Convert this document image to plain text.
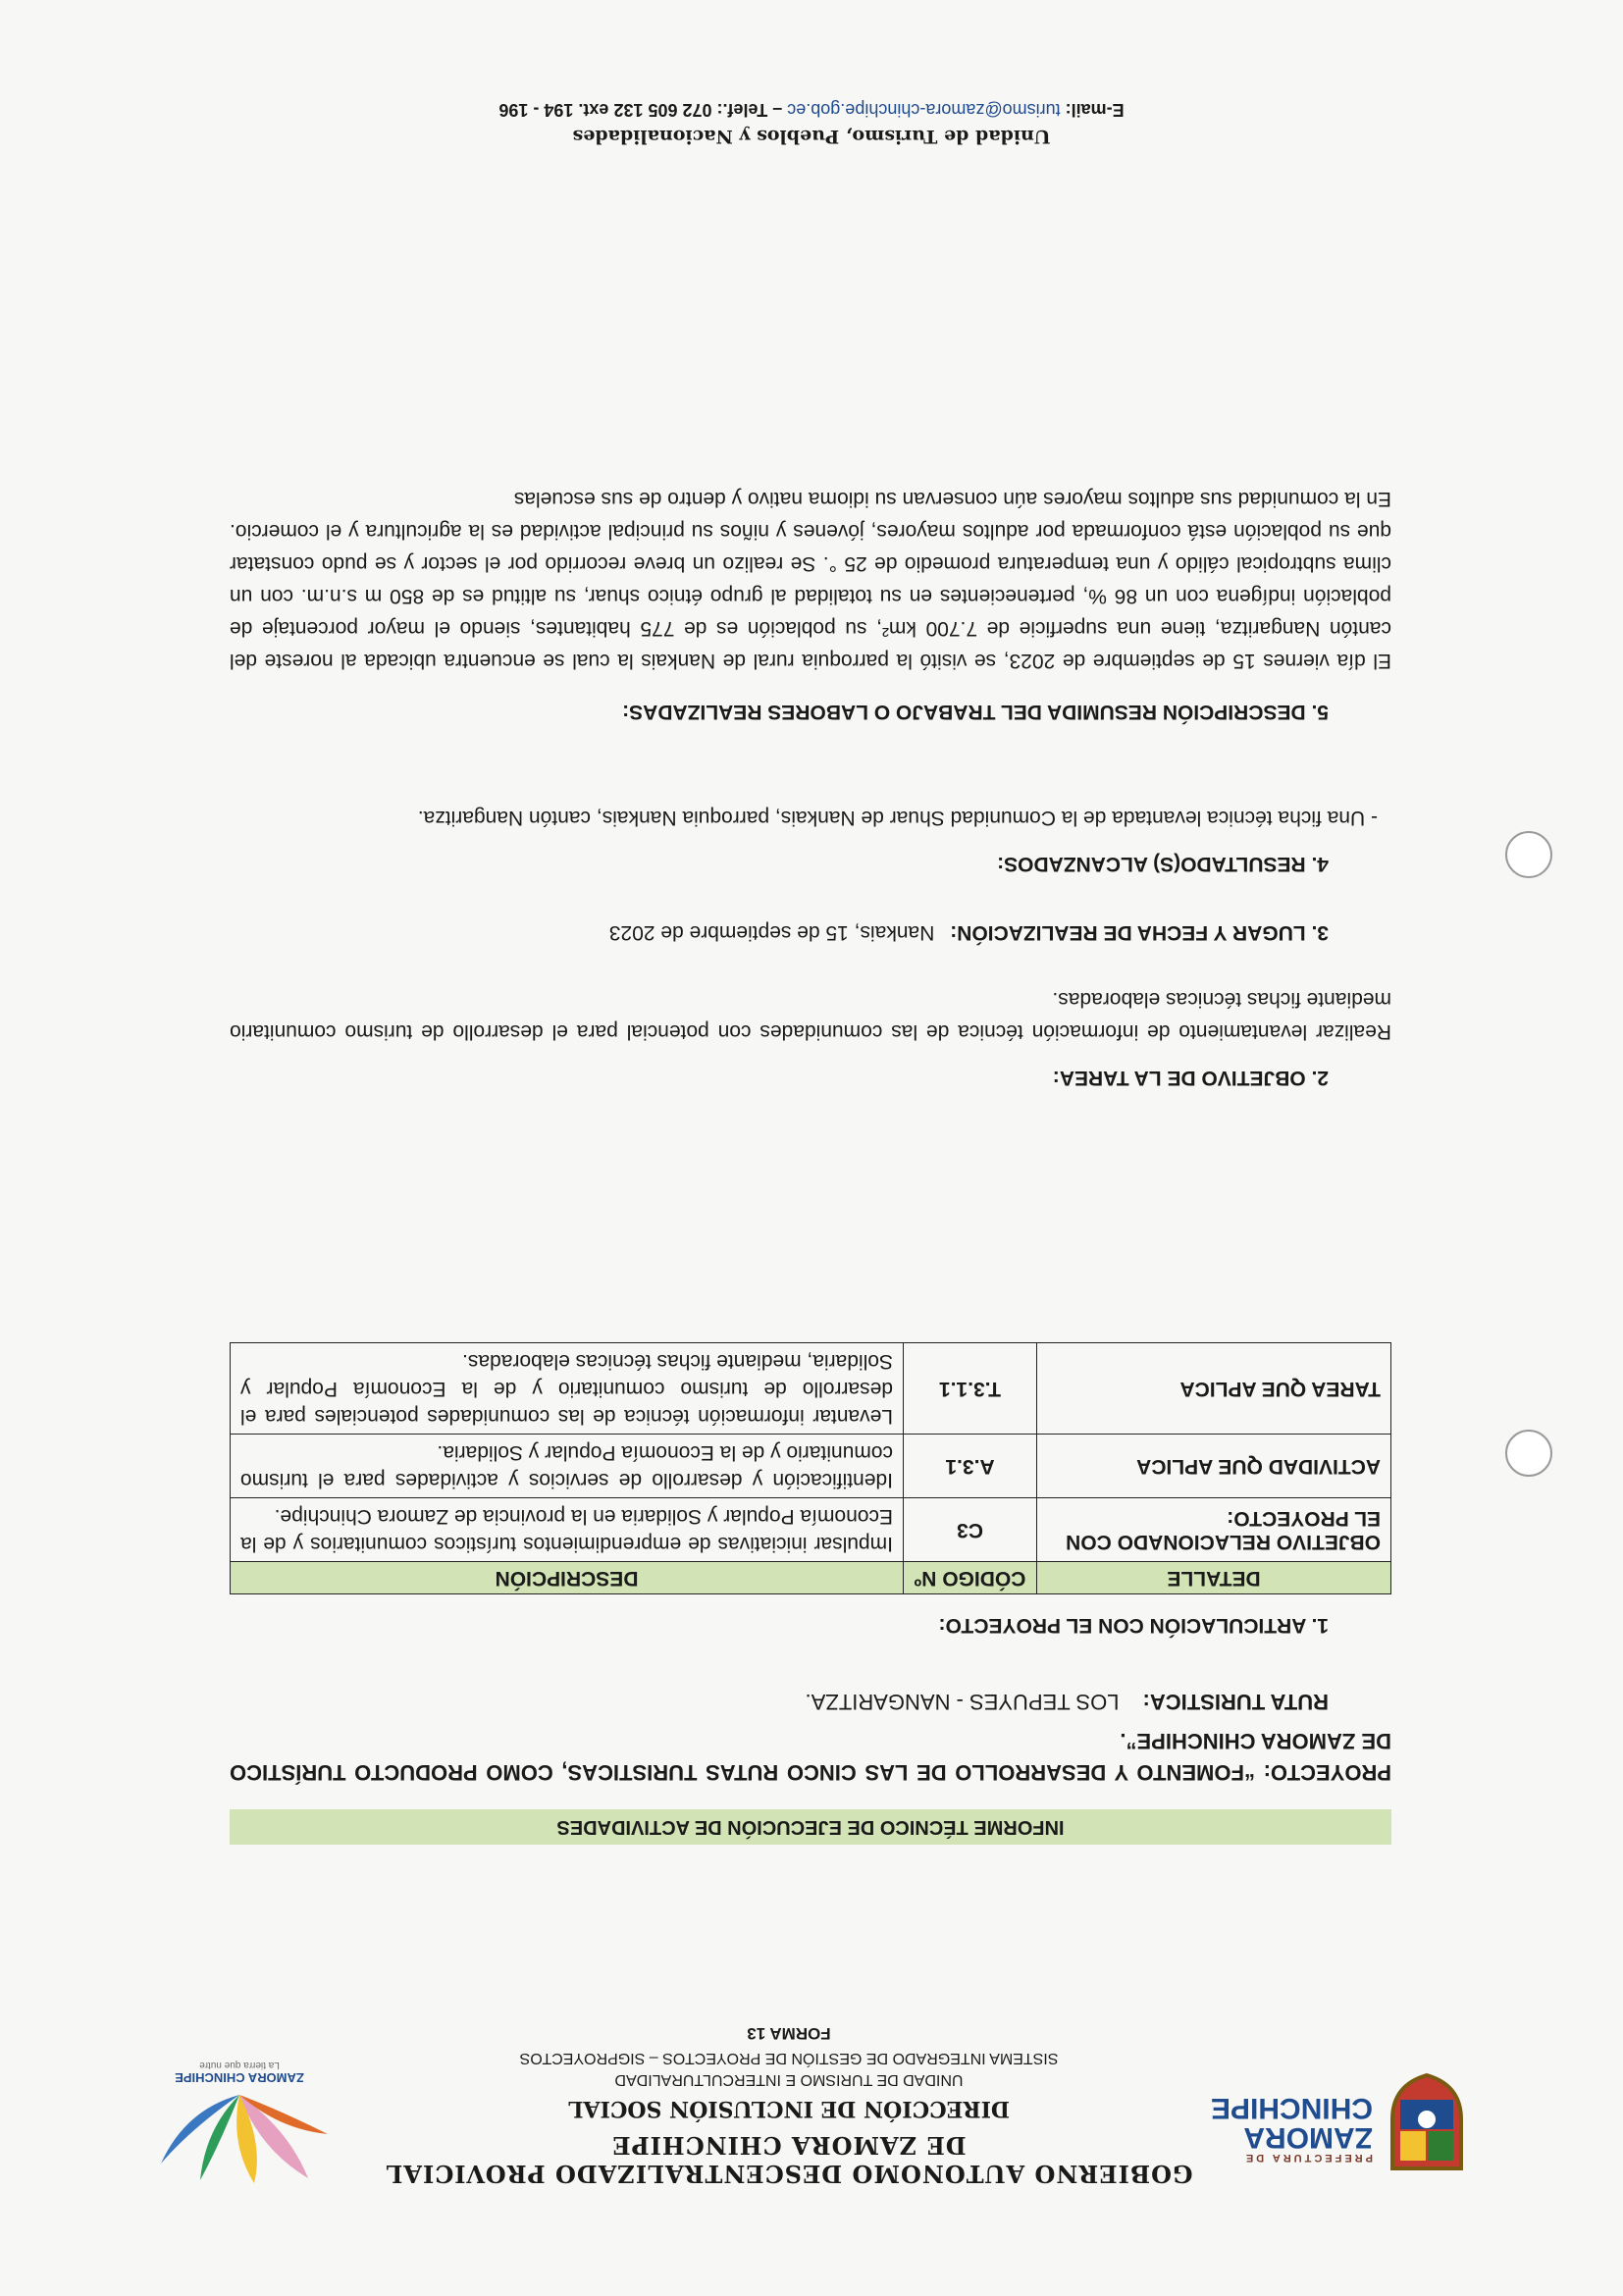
PREFECTURA DE
ZAMORA
CHINCHIPE
GOBIERNO AUTONOMO DESCENTRALIZADO PROVICIAL DE ZAMORA CHINCHIPE
DIRECCIÓN DE INCLUSIÓN SOCIAL
UNIDAD DE TURISMO E INTERCULTURALIDAD
SISTEMA INTEGRADO DE GESTIÓN DE PROYECTOS – SIGPROYECTOS
FORMA 13
ZAMORA CHINCHIPE
La tierra que nutre
INFORME TÉCNICO DE EJECUCIÓN DE ACTIVIDADES
PROYECTO: “FOMENTO Y DESARROLLO DE LAS CINCO RUTAS TURISTICAS, COMO PRODUCTO TURÍSTICO DE ZAMORA CHINCHIPE”.
RUTA TURISTICA: LOS TEPUYES - NANGARITZA.
1. ARTICULACIÓN CON EL PROYECTO:
DETALLE	CÓDIGO Nº	DESCRIPCIÓN
OBJETIVO RELACIONADO CON EL PROYECTO:	C3	Impulsar iniciativas de emprendimientos turísticos comunitarios y de la Economía Popular y Solidaria en la provincia de Zamora Chinchipe.
ACTIVIDAD QUE APLICA	A.3.1	Identificación y desarrollo de servicios y actividades para el turismo comunitario y de la Economía Popular y Solidaria.
TAREA QUE APLICA	T.3.1.1	Levantar información técnica de las comunidades potenciales para el desarrollo de turismo comunitario y de la Economía Popular y Solidaria, mediante fichas técnicas elaboradas.
2. OBJETIVO DE LA TAREA:
Realizar levantamiento de información técnica de las comunidades con potencial para el desarrollo de turismo comunitario mediante fichas técnicas elaboradas.
3. LUGAR Y FECHA DE REALIZACIÓN: Nankais, 15 de septiembre de 2023
4. RESULTADO(S) ALCANZADOS:
- Una ficha técnica levantada de la Comunidad Shuar de Nankais, parroquia Nankais, cantón Nangaritza.
5. DESCRIPCIÓN RESUMIDA DEL TRABAJO O LABORES REALIZADAS:
El día viernes 15 de septiembre de 2023, se visitó la parroquia rural de Nankais la cual se encuentra ubicada al noreste del cantón Nangaritza, tiene una superficie de 7.700 km², su población es de 775 habitantes, siendo el mayor porcentaje de población indígena con un 86 %, pertenecientes en su totalidad al grupo étnico shuar, su altitud es de 850 m s.n.m. con un clima subtropical cálido y una temperatura promedio de 25 °. Se realizo un breve recorrido por el sector y se pudo constatar que su población está conformada por adultos mayores, jóvenes y niños su principal actividad es la agricultura y el comercio. En la comunidad sus adultos mayores aún conservan su idioma nativo y dentro de sus escuelas
Unidad de Turismo, Pueblos y Nacionalidades
E-mail: turismo@zamora-chinchipe.gob.ec – Telef.: 072 605 132 ext. 194 - 196
